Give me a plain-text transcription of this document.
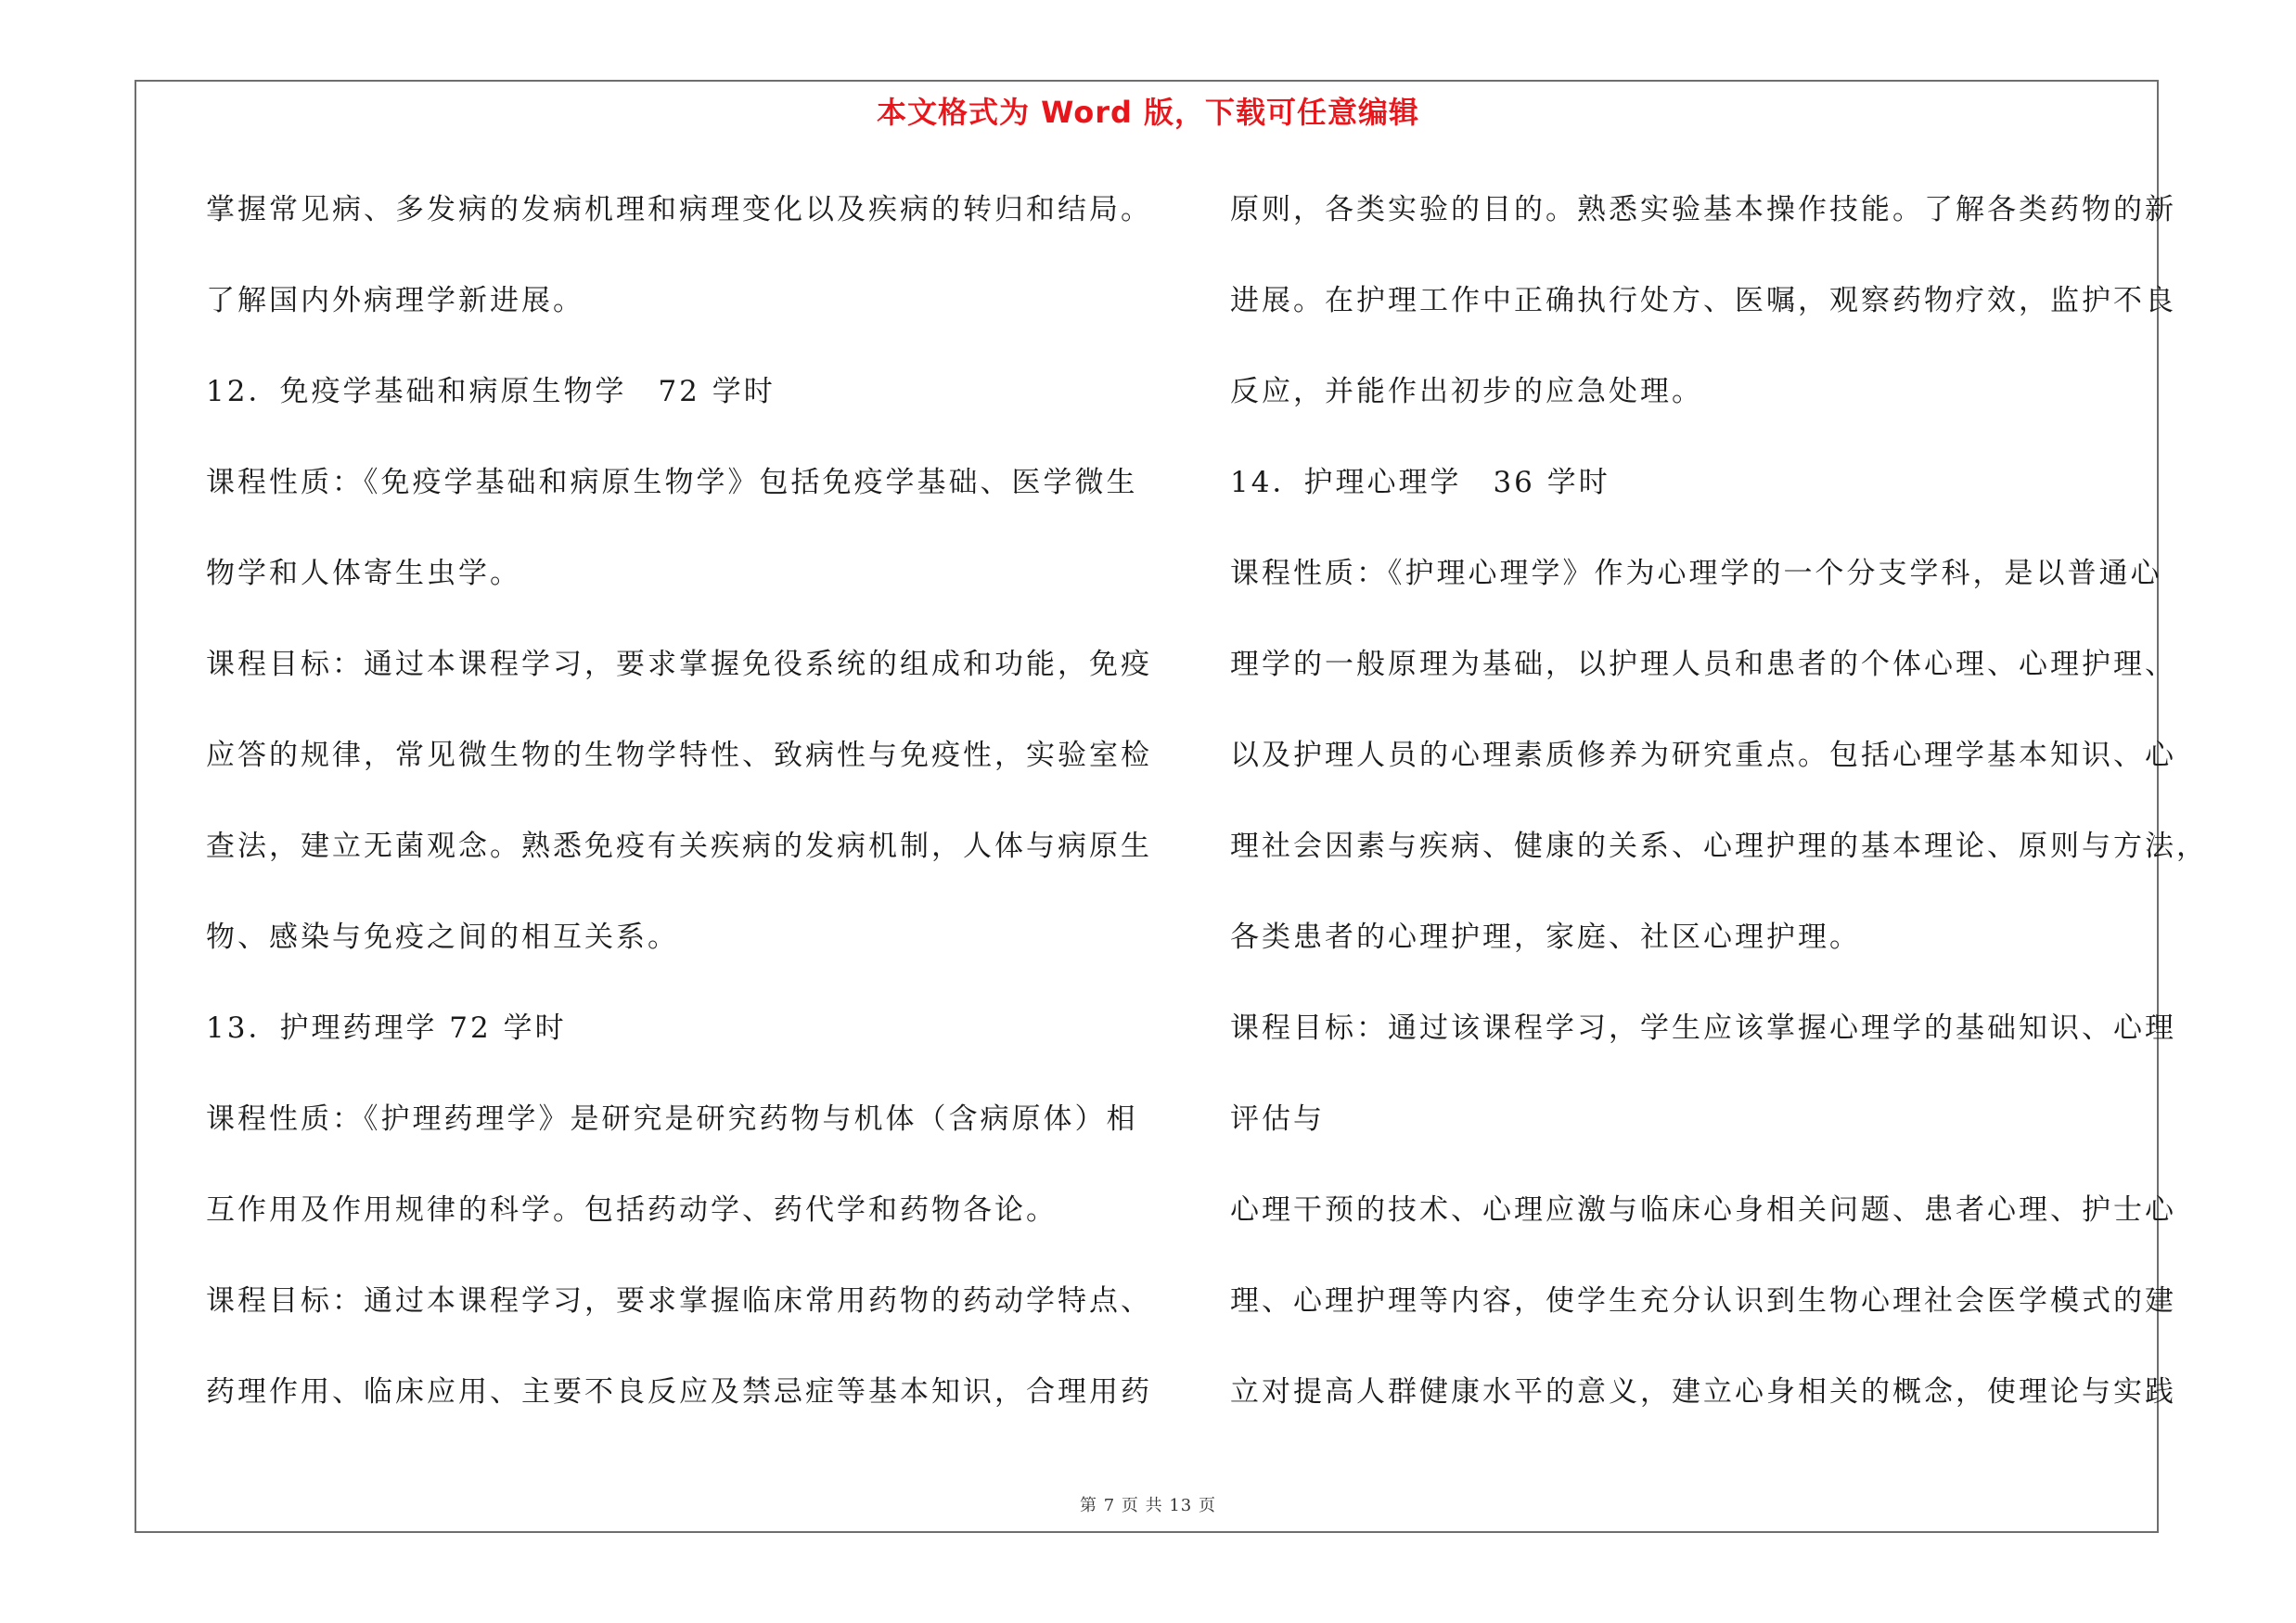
本文格式为 Word 版，下载可任意编辑
掌握常见病、多发病的发病机理和病理变化以及疾病的转归和结局。
了解国内外病理学新进展。
12．免疫学基础和病原生物学　72 学时
课程性质：《免疫学基础和病原生物学》包括免疫学基础、医学微生
物学和人体寄生虫学。
课程目标：通过本课程学习，要求掌握免役系统的组成和功能，免疫
应答的规律，常见微生物的生物学特性、致病性与免疫性，实验室检
查法，建立无菌观念。熟悉免疫有关疾病的发病机制，人体与病原生
物、感染与免疫之间的相互关系。
13．护理药理学 72 学时
课程性质：《护理药理学》是研究是研究药物与机体（含病原体）相
互作用及作用规律的科学。包括药动学、药代学和药物各论。
课程目标：通过本课程学习，要求掌握临床常用药物的药动学特点、
药理作用、临床应用、主要不良反应及禁忌症等基本知识，合理用药
原则，各类实验的目的。熟悉实验基本操作技能。了解各类药物的新
进展。在护理工作中正确执行处方、医嘱，观察药物疗效，监护不良
反应，并能作出初步的应急处理。
14．护理心理学　36 学时
课程性质：《护理心理学》作为心理学的一个分支学科，是以普通心
理学的一般原理为基础，以护理人员和患者的个体心理、心理护理、
以及护理人员的心理素质修养为研究重点。包括心理学基本知识、心
理社会因素与疾病、健康的关系、心理护理的基本理论、原则与方法，
各类患者的心理护理，家庭、社区心理护理。
课程目标：通过该课程学习，学生应该掌握心理学的基础知识、心理
评估与
心理干预的技术、心理应激与临床心身相关问题、患者心理、护士心
理、心理护理等内容，使学生充分认识到生物心理社会医学模式的建
立对提高人群健康水平的意义，建立心身相关的概念，使理论与实践
第 7 页 共 13 页
